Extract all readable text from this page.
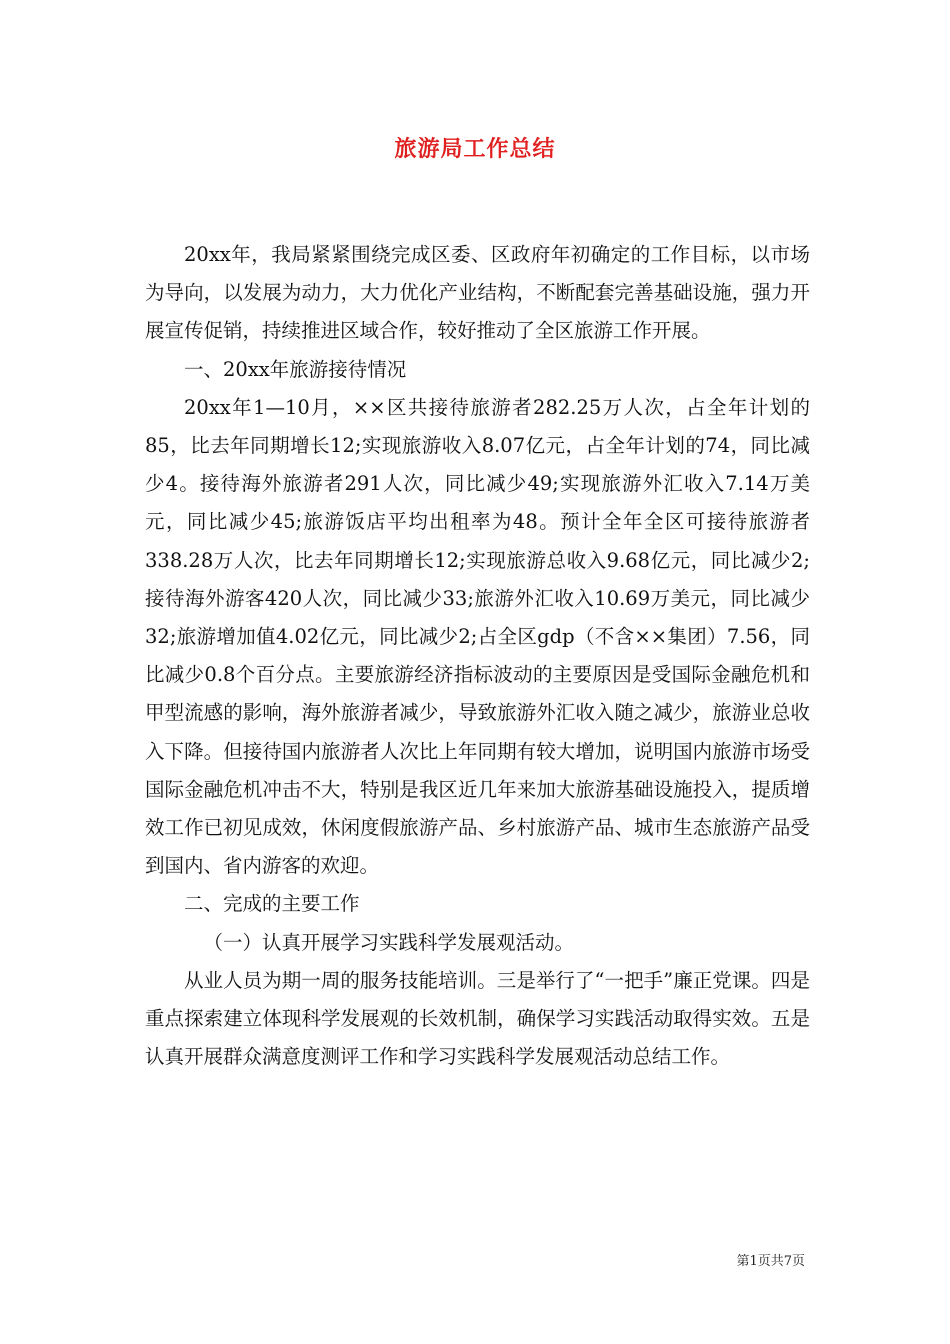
旅游局工作总结

20xx年，我局紧紧围绕完成区委、区政府年初确定的工作目标，以市场为导向，以发展为动力，大力优化产业结构，不断配套完善基础设施，强力开展宣传促销，持续推进区域合作，较好推动了全区旅游工作开展。

一、20xx年旅游接待情况

20xx年1—10月，××区共接待旅游者282.25万人次，占全年计划的85，比去年同期增长12;实现旅游收入8.07亿元，占全年计划的74，同比减少4。接待海外旅游者291人次，同比减少49;实现旅游外汇收入7.14万美元，同比减少45;旅游饭店平均出租率为48。预计全年全区可接待旅游者338.28万人次，比去年同期增长12;实现旅游总收入9.68亿元，同比减少2;接待海外游客420人次，同比减少33;旅游外汇收入10.69万美元，同比减少32;旅游增加值4.02亿元，同比减少2;占全区gdp（不含××集团）7.56，同比减少0.8个百分点。主要旅游经济指标波动的主要原因是受国际金融危机和甲型流感的影响，海外旅游者减少，导致旅游外汇收入随之减少，旅游业总收入下降。但接待国内旅游者人次比上年同期有较大增加，说明国内旅游市场受国际金融危机冲击不大，特别是我区近几年来加大旅游基础设施投入，提质增效工作已初见成效，休闲度假旅游产品、乡村旅游产品、城市生态旅游产品受到国内、省内游客的欢迎。

二、完成的主要工作

（一）认真开展学习实践科学发展观活动。

从业人员为期一周的服务技能培训。三是举行了“一把手”廉正党课。四是重点探索建立体现科学发展观的长效机制，确保学习实践活动取得实效。五是认真开展群众满意度测评工作和学习实践科学发展观活动总结工作。

第1页共7页
